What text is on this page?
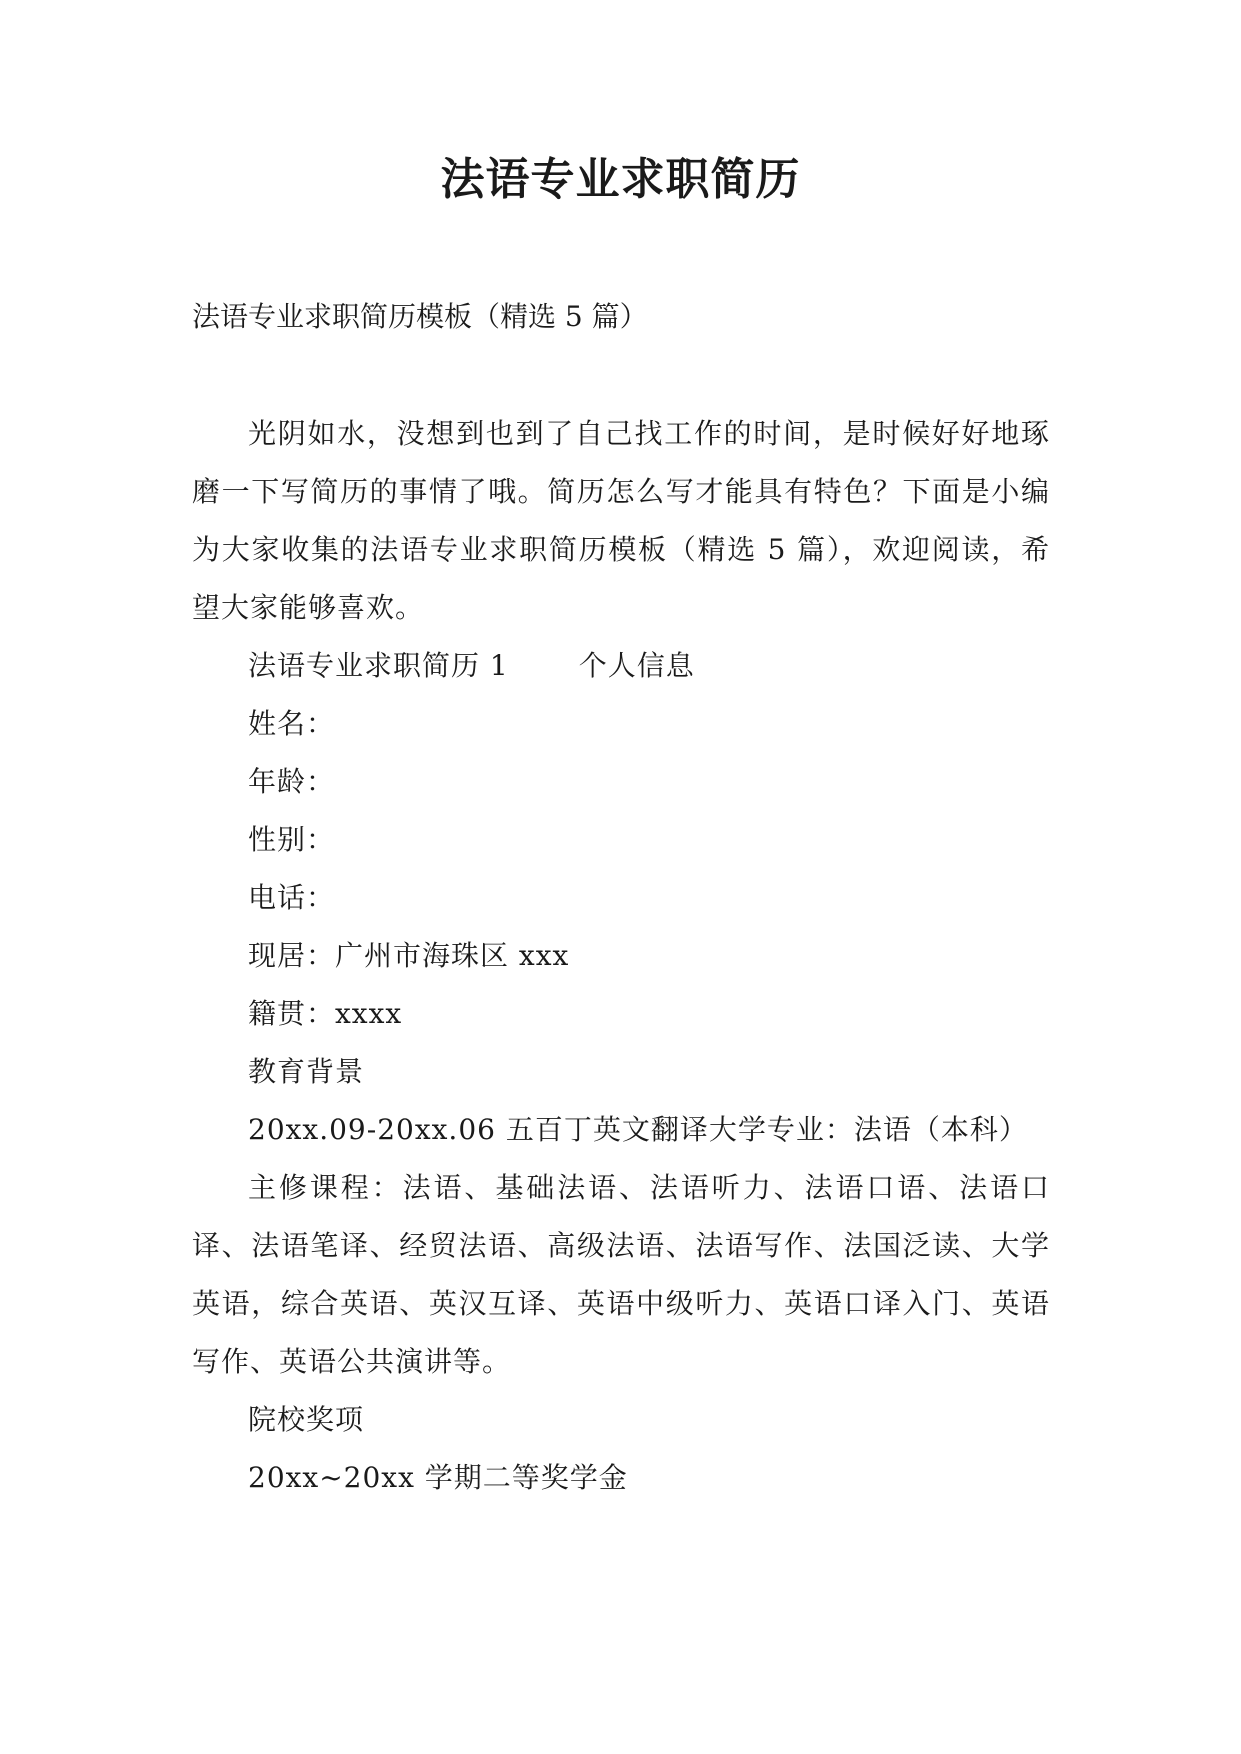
法语专业求职简历
法语专业求职简历模板（精选 5 篇）

光阴如水，没想到也到了自己找工作的时间，是时候好好地琢磨一下写简历的事情了哦。简历怎么写才能具有特色？下面是小编为大家收集的法语专业求职简历模板（精选 5 篇），欢迎阅读，希望大家能够喜欢。

法语专业求职简历 1	个人信息

姓名：

年龄：

性别：

电话：

现居：广州市海珠区 xxx

籍贯：xxxx

教育背景

20xx.09-20xx.06 五百丁英文翻译大学专业：法语（本科）

主修课程：法语、基础法语、法语听力、法语口语、法语口译、法语笔译、经贸法语、高级法语、法语写作、法国泛读、大学英语，综合英语、英汉互译、英语中级听力、英语口译入门、英语写作、英语公共演讲等。

院校奖项

20xx~20xx 学期二等奖学金
